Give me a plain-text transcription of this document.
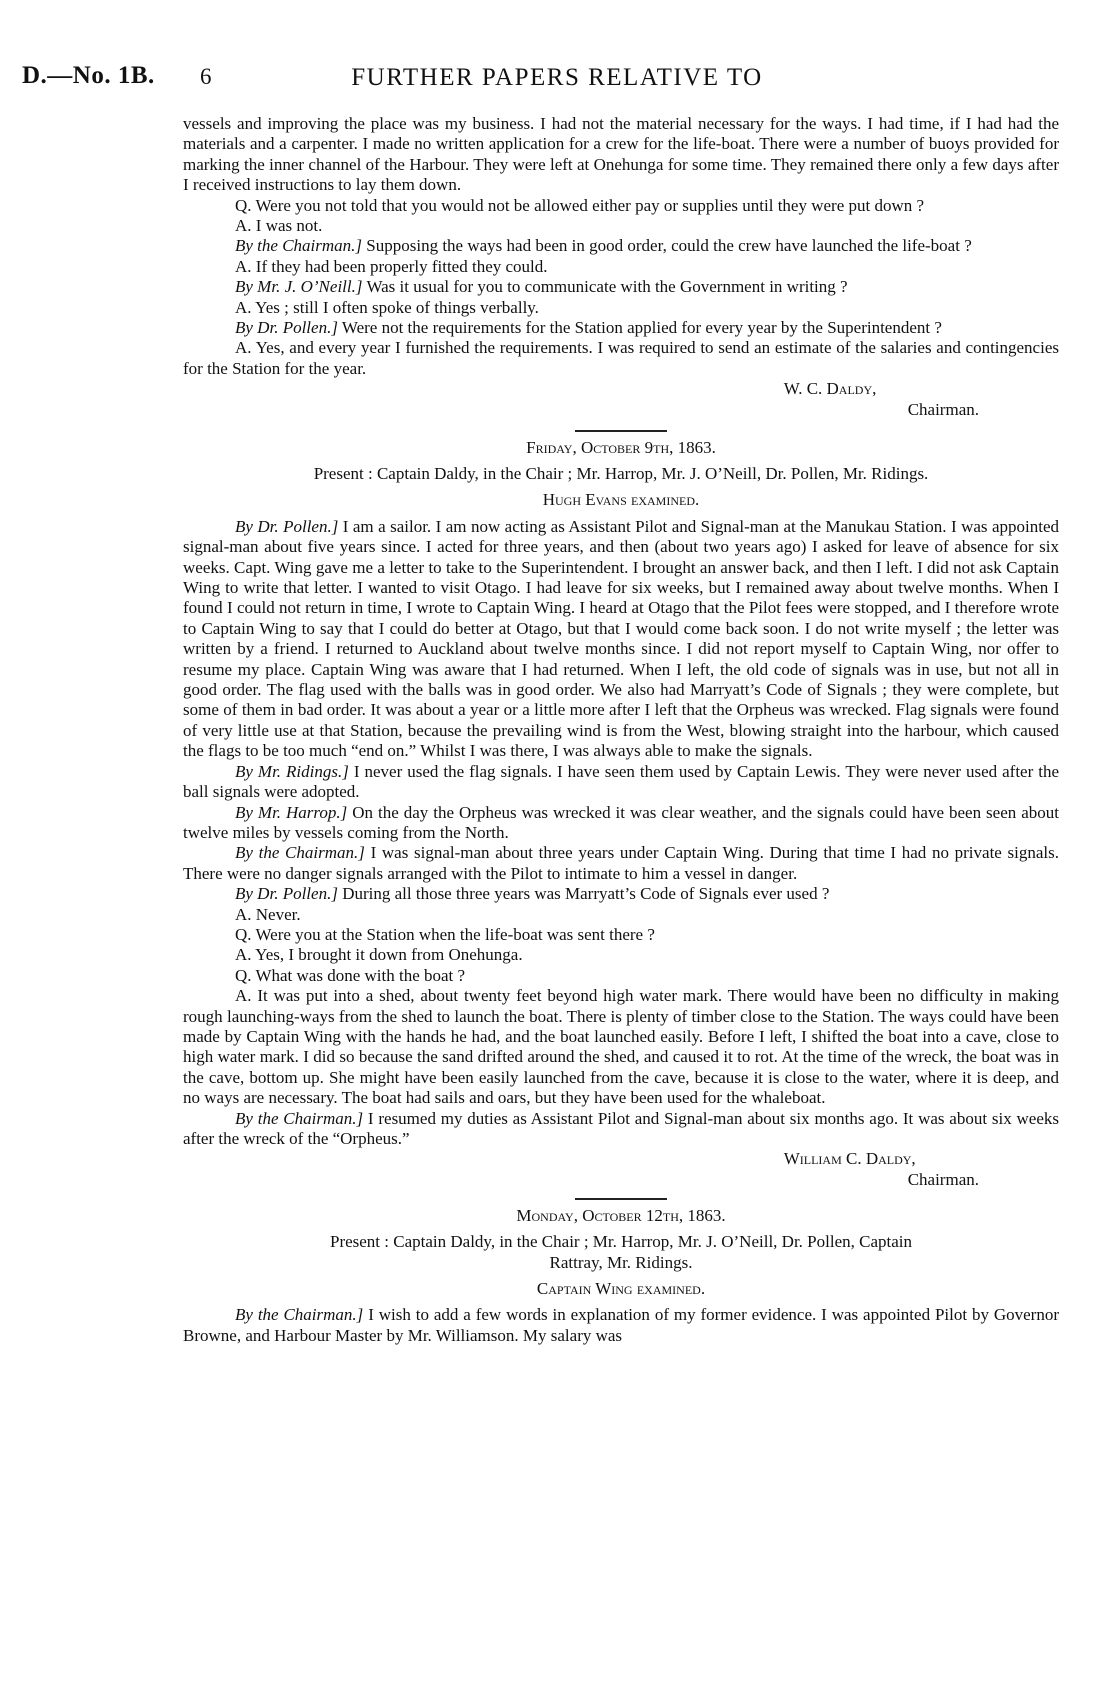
D.—No. 1B. 6	FURTHER PAPERS RELATIVE TO

vessels and improving the place was my business. I had not the material necessary for the ways. I had time, if I had had the materials and a carpenter. I made no written application for a crew for the life-boat. There were a number of buoys provided for marking the inner channel of the Harbour. They were left at Onehunga for some time. They remained there only a few days after I received instructions to lay them down.

Q. Were you not told that you would not be allowed either pay or supplies until they were put down ?

A. I was not.

By the Chairman.] Supposing the ways had been in good order, could the crew have launched the life-boat ?

A. If they had been properly fitted they could.

By Mr. J. O’Neill.] Was it usual for you to communicate with the Government in writing ?

A. Yes ; still I often spoke of things verbally.

By Dr. Pollen.] Were not the requirements for the Station applied for every year by the Superintendent ?

A. Yes, and every year I furnished the requirements. I was required to send an estimate of the salaries and contingencies for the Station for the year.

W. C. Daldy,
Chairman.

Friday, October 9th, 1863.

Present : Captain Daldy, in the Chair ; Mr. Harrop, Mr. J. O’Neill, Dr. Pollen, Mr. Ridings.

Hugh Evans examined.

By Dr. Pollen.] I am a sailor. I am now acting as Assistant Pilot and Signal-man at the Manukau Station. I was appointed signal-man about five years since. I acted for three years, and then (about two years ago) I asked for leave of absence for six weeks. Capt. Wing gave me a letter to take to the Superintendent. I brought an answer back, and then I left. I did not ask Captain Wing to write that letter. I wanted to visit Otago. I had leave for six weeks, but I remained away about twelve months. When I found I could not return in time, I wrote to Captain Wing. I heard at Otago that the Pilot fees were stopped, and I therefore wrote to Captain Wing to say that I could do better at Otago, but that I would come back soon. I do not write myself ; the letter was written by a friend. I returned to Auckland about twelve months since. I did not report myself to Captain Wing, nor offer to resume my place. Captain Wing was aware that I had returned. When I left, the old code of signals was in use, but not all in good order. The flag used with the balls was in good order. We also had Marryatt’s Code of Signals ; they were complete, but some of them in bad order. It was about a year or a little more after I left that the Orpheus was wrecked. Flag signals were found of very little use at that Station, because the prevailing wind is from the West, blowing straight into the harbour, which caused the flags to be too much “end on.” Whilst I was there, I was always able to make the signals.

By Mr. Ridings.] I never used the flag signals. I have seen them used by Captain Lewis. They were never used after the ball signals were adopted.

By Mr. Harrop.] On the day the Orpheus was wrecked it was clear weather, and the signals could have been seen about twelve miles by vessels coming from the North.

By the Chairman.] I was signal-man about three years under Captain Wing. During that time I had no private signals. There were no danger signals arranged with the Pilot to intimate to him a vessel in danger.

By Dr. Pollen.] During all those three years was Marryatt’s Code of Signals ever used ?

A. Never.

Q. Were you at the Station when the life-boat was sent there ?

A. Yes, I brought it down from Onehunga.

Q. What was done with the boat ?

A. It was put into a shed, about twenty feet beyond high water mark. There would have been no difficulty in making rough launching-ways from the shed to launch the boat. There is plenty of timber close to the Station. The ways could have been made by Captain Wing with the hands he had, and the boat launched easily. Before I left, I shifted the boat into a cave, close to high water mark. I did so because the sand drifted around the shed, and caused it to rot. At the time of the wreck, the boat was in the cave, bottom up. She might have been easily launched from the cave, because it is close to the water, where it is deep, and no ways are necessary. The boat had sails and oars, but they have been used for the whaleboat.

By the Chairman.] I resumed my duties as Assistant Pilot and Signal-man about six months ago. It was about six weeks after the wreck of the “Orpheus.”

William C. Daldy,
Chairman.

Monday, October 12th, 1863.

Present : Captain Daldy, in the Chair ; Mr. Harrop, Mr. J. O’Neill, Dr. Pollen, Captain
Rattray, Mr. Ridings.

Captain Wing examined.

By the Chairman.] I wish to add a few words in explanation of my former evidence. I was appointed Pilot by Governor Browne, and Harbour Master by Mr. Williamson. My salary was
